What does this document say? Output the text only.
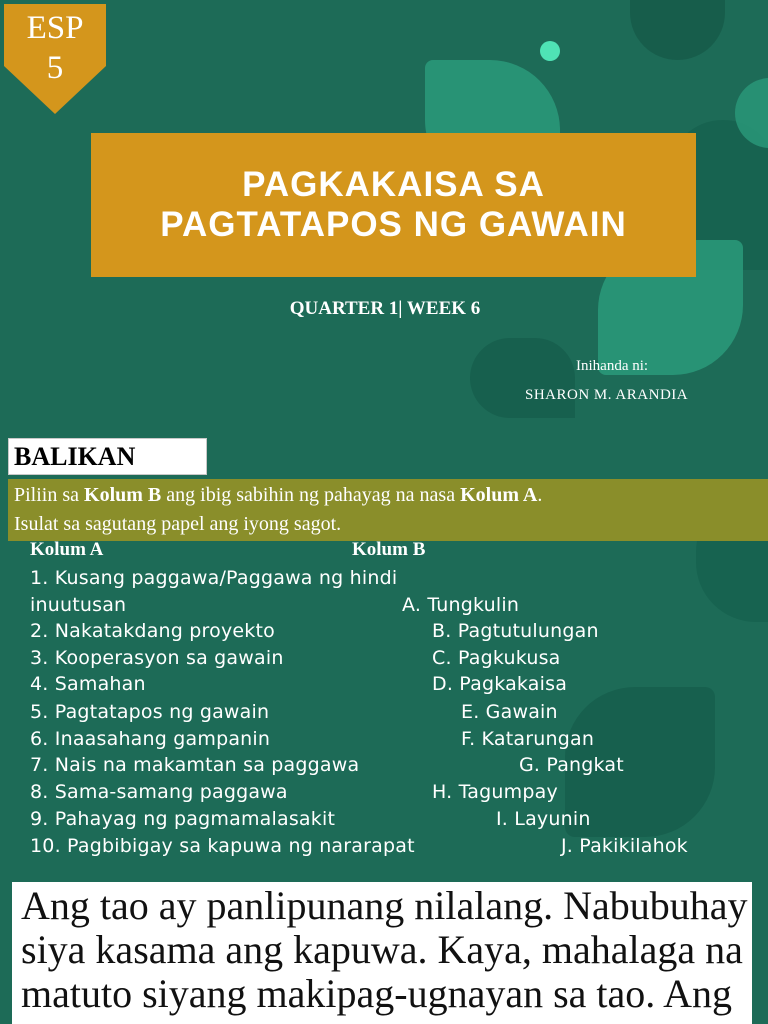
ESP
5
PAGKAKAISA SA
PAGTATAPOS NG GAWAIN
QUARTER 1| WEEK 6
Inihanda ni:
SHARON M. ARANDIA
BALIKAN
Piliin sa Kolum B ang ibig sabihin ng pahayag na nasa Kolum A.
Isulat sa sagutang papel ang iyong sagot.
Kolum A	Kolum B
1. Kusang paggawa/Paggawa ng hindi
inuutusan	A. Tungkulin
2. Nakatakdang proyekto	B. Pagtutulungan
3. Kooperasyon sa gawain	C. Pagkukusa
4. Samahan	D. Pagkakaisa
5. Pagtatapos ng gawain	E. Gawain
6. Inaasahang gampanin	F. Katarungan
7. Nais na makamtan sa paggawa	G. Pangkat
8. Sama-samang paggawa	H. Tagumpay
9. Pahayag ng pagmamalasakit	I. Layunin
10. Pagbibigay sa kapuwa ng nararapat	J. Pakikilahok
Ang tao ay panlipunang nilalang. Nabubuhay siya kasama ang kapuwa. Kaya, mahalaga na matuto siyang makipag-ugnayan sa tao. Ang
